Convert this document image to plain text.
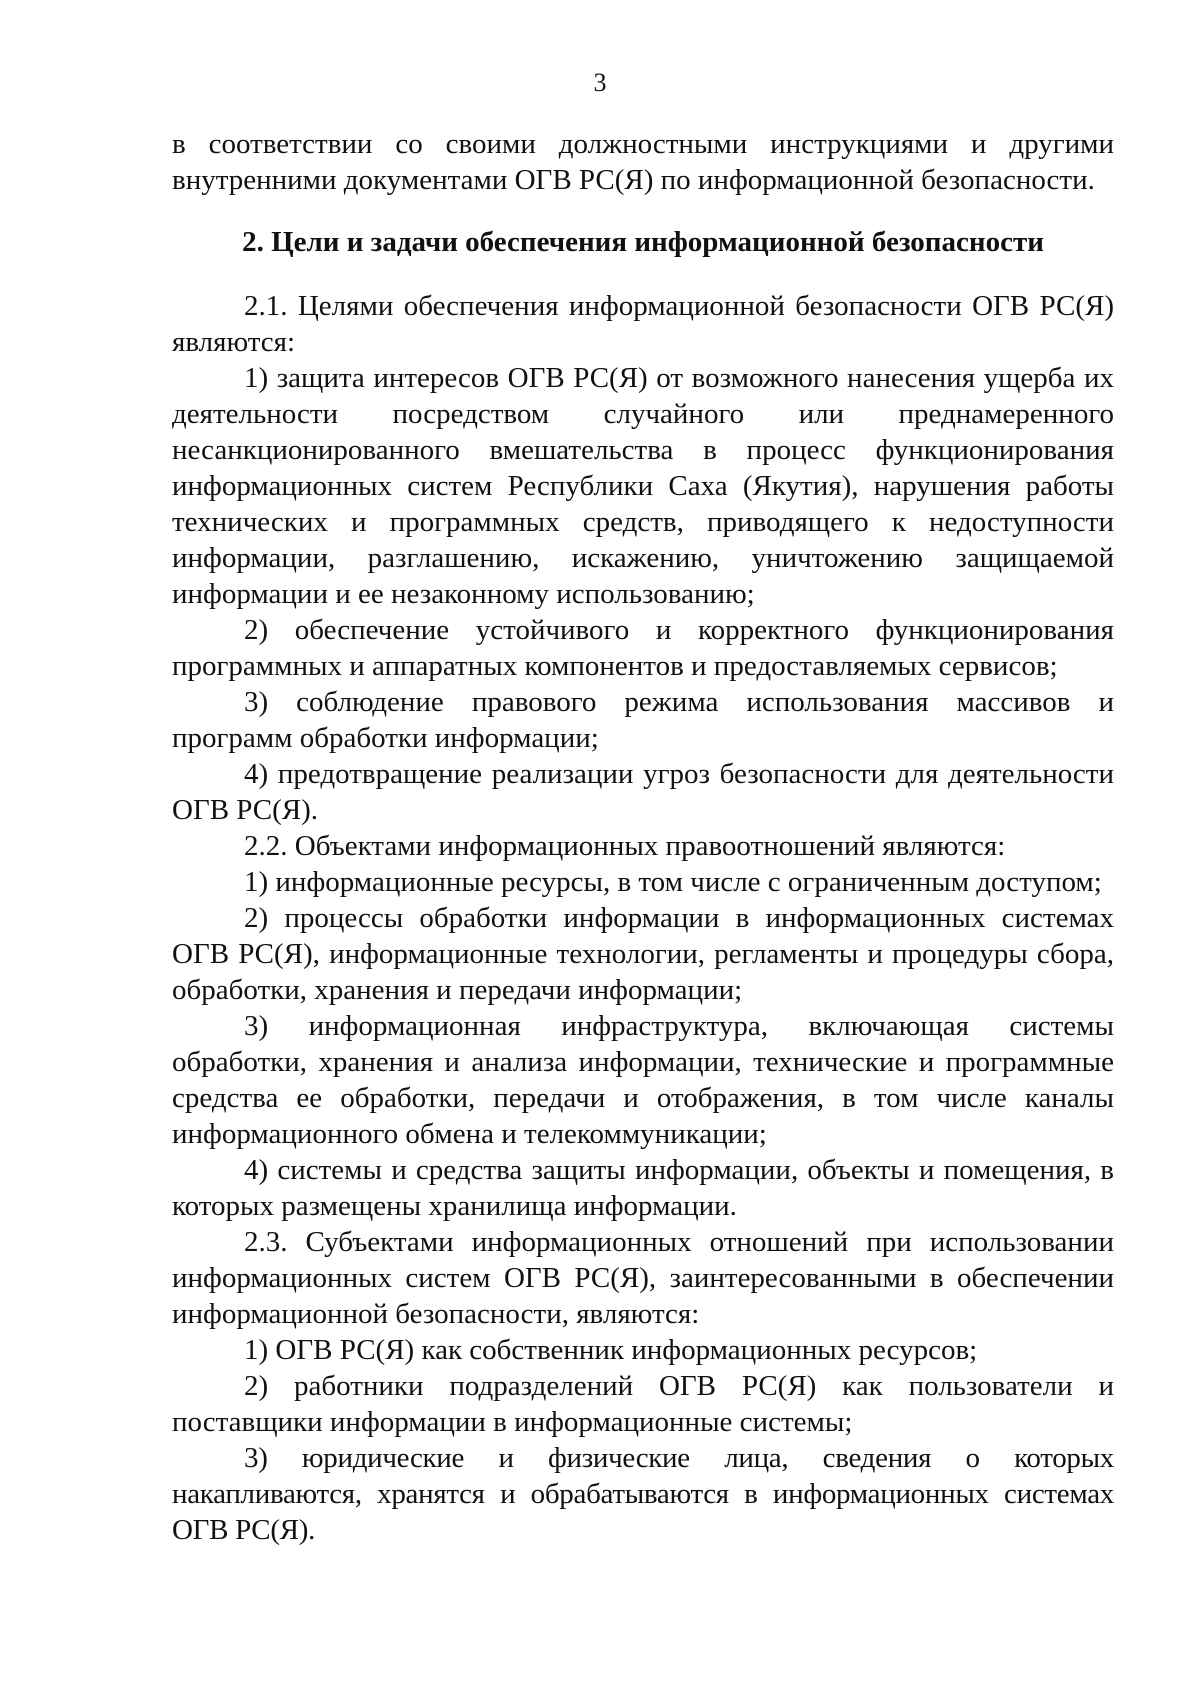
3

в соответствии со своими должностными инструкциями и другими внутренними документами ОГВ РС(Я) по информационной безопасности.

2. Цели и задачи обеспечения информационной безопасности

2.1. Целями обеспечения информационной безопасности ОГВ РС(Я) являются:

1) защита интересов ОГВ РС(Я) от возможного нанесения ущерба их деятельности посредством случайного или преднамеренного несанкционированного вмешательства в процесс функционирования информационных систем Республики Саха (Якутия), нарушения работы технических и программных средств, приводящего к недоступности информации, разглашению, искажению, уничтожению защищаемой информации и ее незаконному использованию;

2) обеспечение устойчивого и корректного функционирования программных и аппаратных компонентов и предоставляемых сервисов;

3) соблюдение правового режима использования массивов и программ обработки информации;

4) предотвращение реализации угроз безопасности для деятельности ОГВ РС(Я).

2.2. Объектами информационных правоотношений являются:

1) информационные ресурсы, в том числе с ограниченным доступом;

2) процессы обработки информации в информационных системах ОГВ РС(Я), информационные технологии, регламенты и процедуры сбора, обработки, хранения и передачи информации;

3) информационная инфраструктура, включающая системы обработки, хранения и анализа информации, технические и программные средства ее обработки, передачи и отображения, в том числе каналы информационного обмена и телекоммуникации;

4) системы и средства защиты информации, объекты и помещения, в которых размещены хранилища информации.

2.3. Субъектами информационных отношений при использовании информационных систем ОГВ РС(Я), заинтересованными в обеспечении информационной безопасности, являются:

1) ОГВ РС(Я) как собственник информационных ресурсов;

2) работники подразделений ОГВ РС(Я) как пользователи и поставщики информации в информационные системы;

3) юридические и физические лица, сведения о которых накапливаются, хранятся и обрабатываются в информационных системах ОГВ РС(Я).
